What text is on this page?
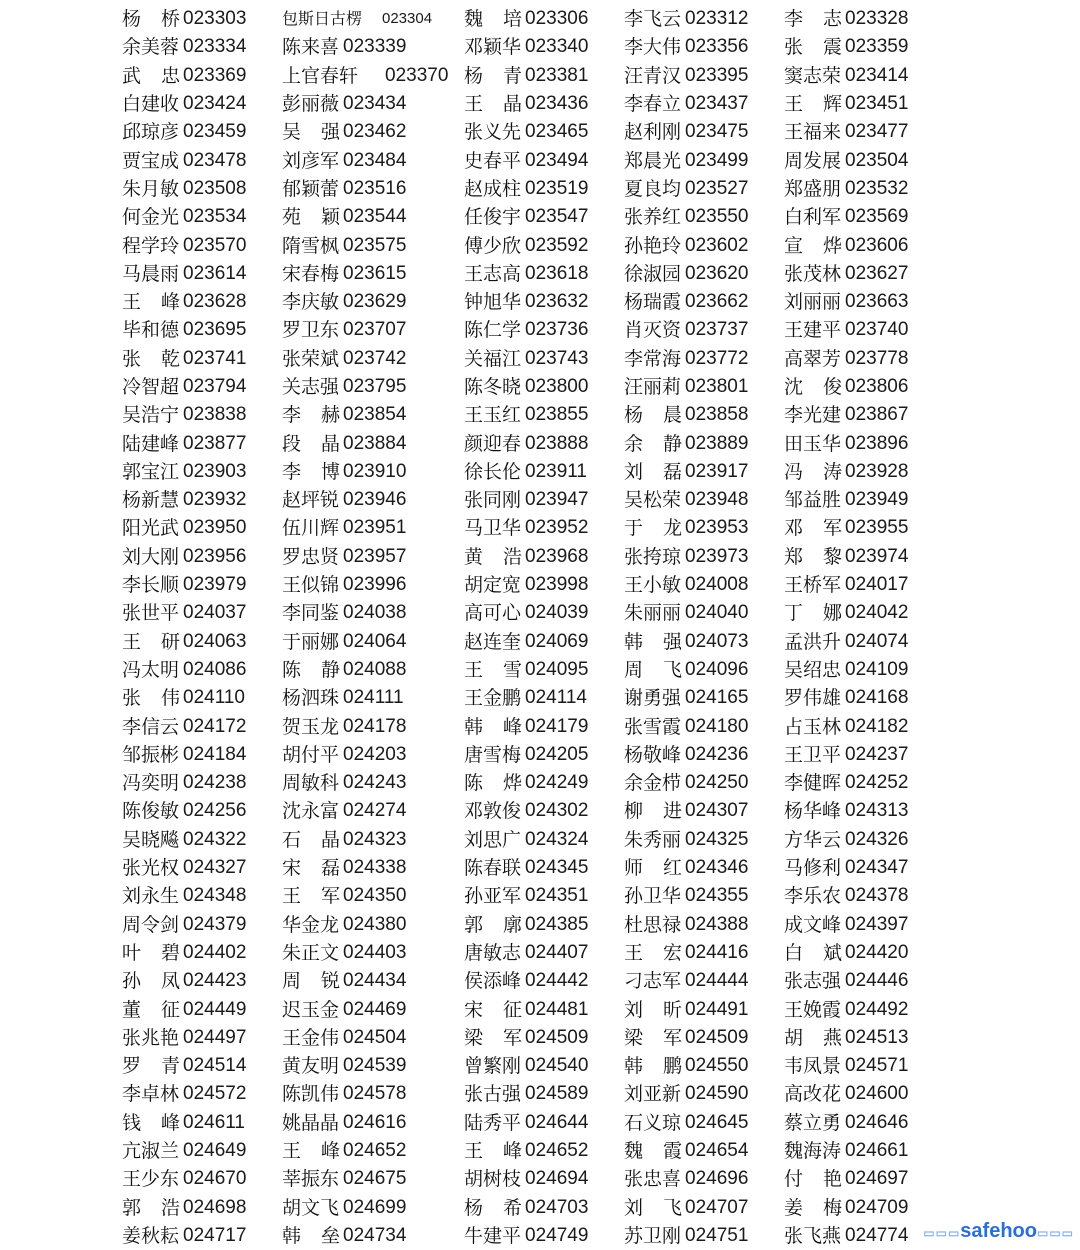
杨桥 023303 包斯日古楞	023304 魏培 023306 李飞云 023312 李志 023328
余美蓉 023334 陈来喜 023339	邓颖华 023340 李大伟 023356 张震 023359
武忠 023369 上官春轩	023370 杨青 023381 汪青汉 023395 窦志荣 023414
白建收 023424 彭丽薇 023434	王晶 023436 李春立 023437 王辉 023451
邱琼彦 023459 吴强 023462	张义先 023465 赵利刚 023475 王福来 023477
贾宝成 023478 刘彦军 023484	史春平 023494 郑晨光 023499 周发展 023504
朱月敏 023508 郁颖蕾 023516	赵成柱 023519 夏良均 023527 郑盛朋 023532
何金光 023534 苑颖 023544	任俊宇 023547 张养红 023550 白利军 023569
程学玲 023570 隋雪枫 023575	傅少欣 023592 孙艳玲 023602 宣烨 023606
马晨雨 023614 宋春梅 023615	王志高 023618 徐淑园 023620 张茂林 023627
王峰 023628 李庆敏 023629	钟旭华 023632 杨瑞霞 023662 刘丽丽 023663
毕和德 023695 罗卫东 023707	陈仁学 023736 肖灭资 023737 王建平 023740
张乾 023741 张荣斌 023742	关福江 023743 李常海 023772 高翠芳 023778
冷智超 023794 关志强 023795	陈冬晓 023800 汪丽莉 023801 沈俊 023806
吴浩宁 023838 李赫 023854	王玉红 023855 杨晨 023858 李光建 023867
陆建峰 023877 段晶 023884	颜迎春 023888 余静 023889 田玉华 023896
郭宝江 023903 李博 023910	徐长伦 023911 刘磊 023917 冯涛 023928
杨新慧 023932 赵坪锐 023946	张同刚 023947 吴松荣 023948 邹益胜 023949
阳光武 023950 伍川辉 023951	马卫华 023952 于龙 023953 邓军 023955
刘大刚 023956 罗忠贤 023957	黄浩 023968 张挎琼 023973 郑黎 023974
李长顺 023979 王似锦 023996	胡定宽 023998 王小敏 024008 王桥军 024017
张世平 024037 李同鉴 024038	高可心 024039 朱丽丽 024040 丁娜 024042
王研 024063 于丽娜 024064	赵连奎 024069 韩强 024073 孟洪升 024074
冯太明 024086 陈静 024088	王雪 024095 周飞 024096 吴绍忠 024109
张伟 024110 杨泗珠 024111	王金鹏 024114 谢勇强 024165 罗伟雄 024168
李信云 024172 贺玉龙 024178	韩峰 024179 张雪霞 024180 占玉林 024182
邹振彬 024184 胡付平 024203	唐雪梅 024205 杨敬峰 024236 王卫平 024237
冯奕明 024238 周敏科 024243	陈烨 024249 余金栉 024250 李健晖 024252
陈俊敏 024256 沈永富 024274	邓敦俊 024302 柳进 024307 杨华峰 024313
吴晓飚 024322 石晶 024323	刘思广 024324 朱秀丽 024325 方华云 024326
张光权 024327 宋磊 024338	陈春联 024345 师红 024346 马修利 024347
刘永生 024348 王军 024350	孙亚军 024351 孙卫华 024355 李乐农 024378
周令剑 024379 华金龙 024380	郭廓 024385 杜思禄 024388 成文峰 024397
叶碧 024402 朱正文 024403	唐敏志 024407 王宏 024416 白斌 024420
孙凤 024423 周锐 024434	侯添峰 024442 刁志军 024444 张志强 024446
董征 024449 迟玉金 024469	宋征 024481 刘昕 024491 王娩霞 024492
张兆艳 024497 王金伟 024504	梁军 024509 梁军 024509 胡燕 024513
罗青 024514 黄友明 024539	曾繁刚 024540 韩鹏 024550 韦凤景 024571
李卓林 024572 陈凯伟 024578	张古强 024589 刘亚新 024590 高改花 024600
钱峰 024611 姚晶晶 024616	陆秀平 024644 石义琼 024645 蔡立勇 024646
亢淑兰 024649 王峰 024652	王峰 024652 魏霞 024654 魏海涛 024661
王少东 024670 莘振东 024675	胡树枝 024694 张忠喜 024696 付艳 024697
郭浩 024698 胡文飞 024699	杨希 024703 刘飞 024707 姜梅 024709
姜秋耘 024717 韩垒 024734	牛建平 024749 苏卫刚 024751 张飞燕 024774 ▭▭▭safehoo▭▭▭
